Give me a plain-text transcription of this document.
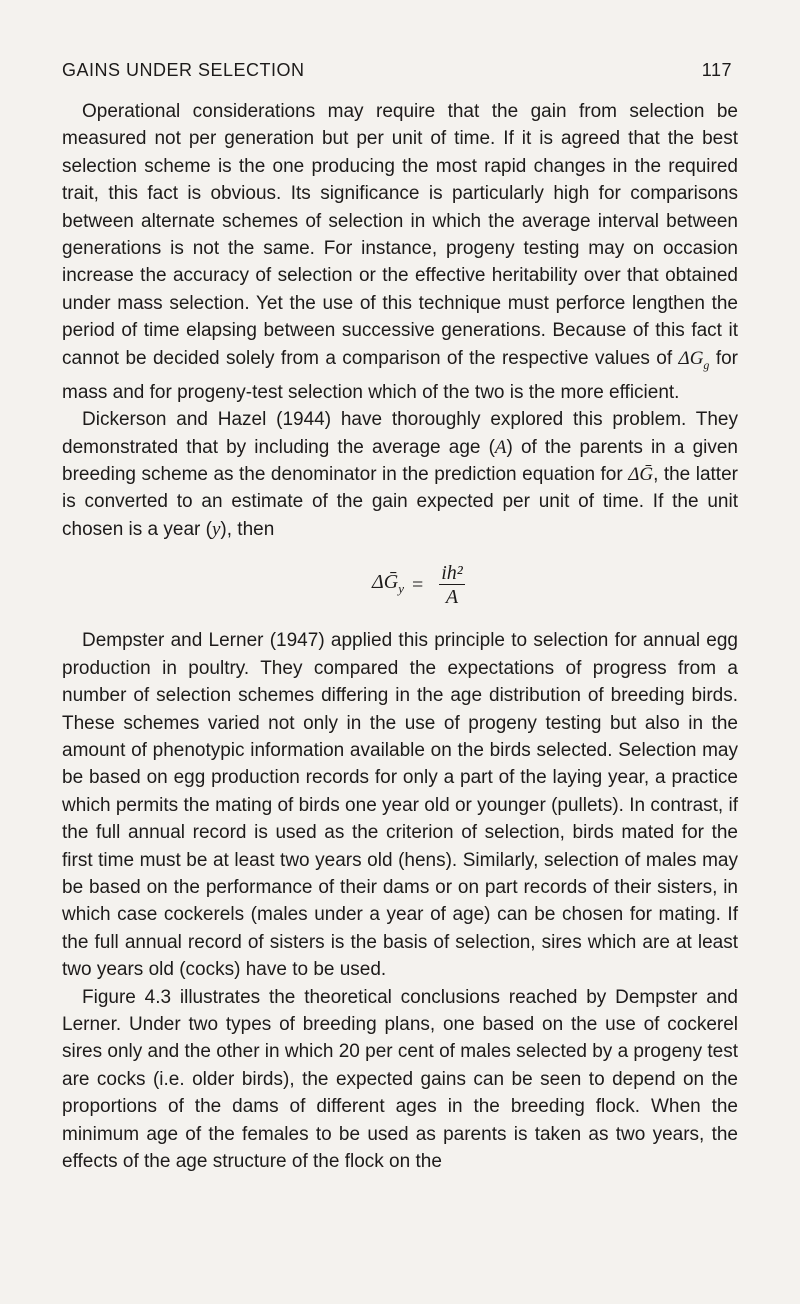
GAINS UNDER SELECTION	117

Operational considerations may require that the gain from selection be measured not per generation but per unit of time. If it is agreed that the best selection scheme is the one producing the most rapid changes in the required trait, this fact is obvious. Its significance is particularly high for comparisons between alternate schemes of selection in which the average interval between generations is not the same. For instance, progeny testing may on occasion increase the accuracy of selection or the effective heritability over that obtained under mass selection. Yet the use of this technique must perforce lengthen the period of time elapsing between successive generations. Because of this fact it cannot be decided solely from a comparison of the respective values of $\Delta G_g$ for mass and for progeny-test selection which of the two is the more efficient.

Dickerson and Hazel (1944) have thoroughly explored this problem. They demonstrated that by including the average age (A) of the parents in a given breeding scheme as the denominator in the prediction equation for ΔḠ, the latter is converted to an estimate of the gain expected per unit of time. If the unit chosen is a year (y), then

ΔḠ$_y$ = $\frac{\text{ih²}}{A}$

Dempster and Lerner (1947) applied this principle to selection for annual egg production in poultry. They compared the expectations of progress from a number of selection schemes differing in the age distribution of breeding birds. These schemes varied not only in the use of progeny testing but also in the amount of phenotypic information available on the birds selected. Selection may be based on egg production records for only a part of the laying year, a practice which permits the mating of birds one year old or younger (pullets). In contrast, if the full annual record is used as the criterion of selection, birds mated for the first time must be at least two years old (hens). Similarly, selection of males may be based on the performance of their dams or on part records of their sisters, in which case cockerels (males under a year of age) can be chosen for mating. If the full annual record of sisters is the basis of selection, sires which are at least two years old (cocks) have to be used.

Figure 4.3 illustrates the theoretical conclusions reached by Dempster and Lerner. Under two types of breeding plans, one based on the use of cockerel sires only and the other in which 20 per cent of males selected by a progeny test are cocks (i.e. older birds), the expected gains can be seen to depend on the proportions of the dams of different ages in the breeding flock. When the minimum age of the females to be used as parents is taken as two years, the effects of the age structure of the flock on the
